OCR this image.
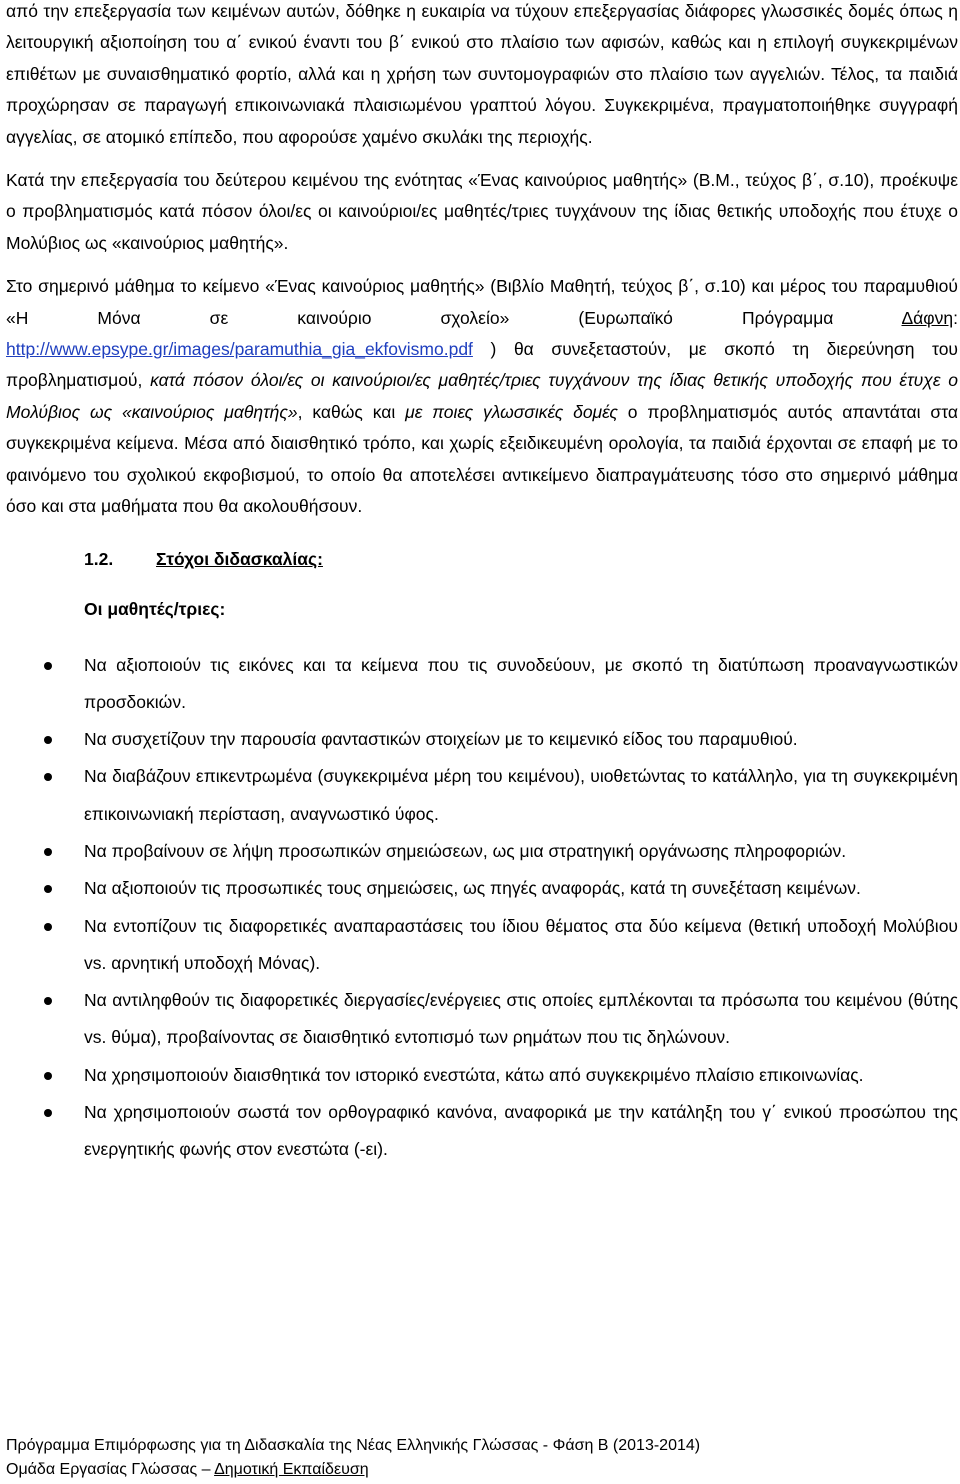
από την επεξεργασία των κειμένων αυτών, δόθηκε η ευκαιρία να τύχουν επεξεργασίας διάφορες γλωσσικές δομές όπως η λειτουργική αξιοποίηση του α΄ ενικού έναντι του β΄ ενικού στο πλαίσιο των αφισών, καθώς και η επιλογή συγκεκριμένων επιθέτων με συναισθηματικό φορτίο, αλλά και η χρήση των συντομογραφιών στο πλαίσιο των αγγελιών. Τέλος, τα παιδιά προχώρησαν σε παραγωγή επικοινωνιακά πλαισιωμένου γραπτού λόγου. Συγκεκριμένα, πραγματοποιήθηκε συγγραφή αγγελίας, σε ατομικό επίπεδο, που αφορούσε χαμένο σκυλάκι της περιοχής.

Κατά την επεξεργασία του δεύτερου κειμένου της ενότητας «Ένας καινούριος μαθητής» (Β.Μ., τεύχος β΄, σ.10), προέκυψε ο προβληματισμός κατά πόσον όλοι/ες οι καινούριοι/ες μαθητές/τριες τυγχάνουν της ίδιας θετικής υποδοχής που έτυχε ο Μολύβιος ως «καινούριος μαθητής».

Στο σημερινό μάθημα το κείμενο «Ένας καινούριος μαθητής» (Βιβλίο Μαθητή, τεύχος β΄, σ.10) και μέρος του παραμυθιού «Η Μόνα σε καινούριο σχολείο» (Ευρωπαϊκό Πρόγραμμα Δάφνη: http://www.epsype.gr/images/paramuthia_gia_ekfovismo.pdf ) θα συνεξεταστούν, με σκοπό τη διερεύνηση του προβληματισμού, κατά πόσον όλοι/ες οι καινούριοι/ες μαθητές/τριες τυγχάνουν της ίδιας θετικής υποδοχής που έτυχε ο Μολύβιος ως «καινούριος μαθητής», καθώς και με ποιες γλωσσικές δομές ο προβληματισμός αυτός απαντάται στα συγκεκριμένα κείμενα. Μέσα από διαισθητικό τρόπο, και χωρίς εξειδικευμένη ορολογία, τα παιδιά έρχονται σε επαφή με το φαινόμενο του σχολικού εκφοβισμού, το οποίο θα αποτελέσει αντικείμενο διαπραγμάτευσης τόσο στο σημερινό μάθημα όσο και στα μαθήματα που θα ακολουθήσουν.

1.2. Στόχοι διδασκαλίας:
Οι μαθητές/τριες:
Να αξιοποιούν τις εικόνες και τα κείμενα που τις συνοδεύουν, με σκοπό τη διατύπωση προαναγνωστικών προσδοκιών.
Να συσχετίζουν την παρουσία φανταστικών στοιχείων με το κειμενικό είδος του παραμυθιού.
Να διαβάζουν επικεντρωμένα (συγκεκριμένα μέρη του κειμένου), υιοθετώντας το κατάλληλο, για τη συγκεκριμένη επικοινωνιακή περίσταση, αναγνωστικό ύφος.
Να προβαίνουν σε λήψη προσωπικών σημειώσεων, ως μια στρατηγική οργάνωσης πληροφοριών.
Να αξιοποιούν τις προσωπικές τους σημειώσεις, ως πηγές αναφοράς, κατά τη συνεξέταση κειμένων.
Να εντοπίζουν τις διαφορετικές αναπαραστάσεις του ίδιου θέματος στα δύο κείμενα (θετική υποδοχή Μολύβιου vs. αρνητική υποδοχή Μόνας).
Να αντιληφθούν τις διαφορετικές διεργασίες/ενέργειες στις οποίες εμπλέκονται τα πρόσωπα του κειμένου (θύτης vs. θύμα), προβαίνοντας σε διαισθητικό εντοπισμό των ρημάτων που τις δηλώνουν.
Να χρησιμοποιούν διαισθητικά τον ιστορικό ενεστώτα, κάτω από συγκεκριμένο πλαίσιο επικοινωνίας.
Να χρησιμοποιούν σωστά τον ορθογραφικό κανόνα, αναφορικά με την κατάληξη του γ΄ ενικού προσώπου της ενεργητικής φωνής στον ενεστώτα (-ει).
Πρόγραμμα Επιμόρφωσης για τη Διδασκαλία της Νέας Ελληνικής Γλώσσας - Φάση Β (2013-2014)
Ομάδα Εργασίας Γλώσσας – Δημοτική Εκπαίδευση
